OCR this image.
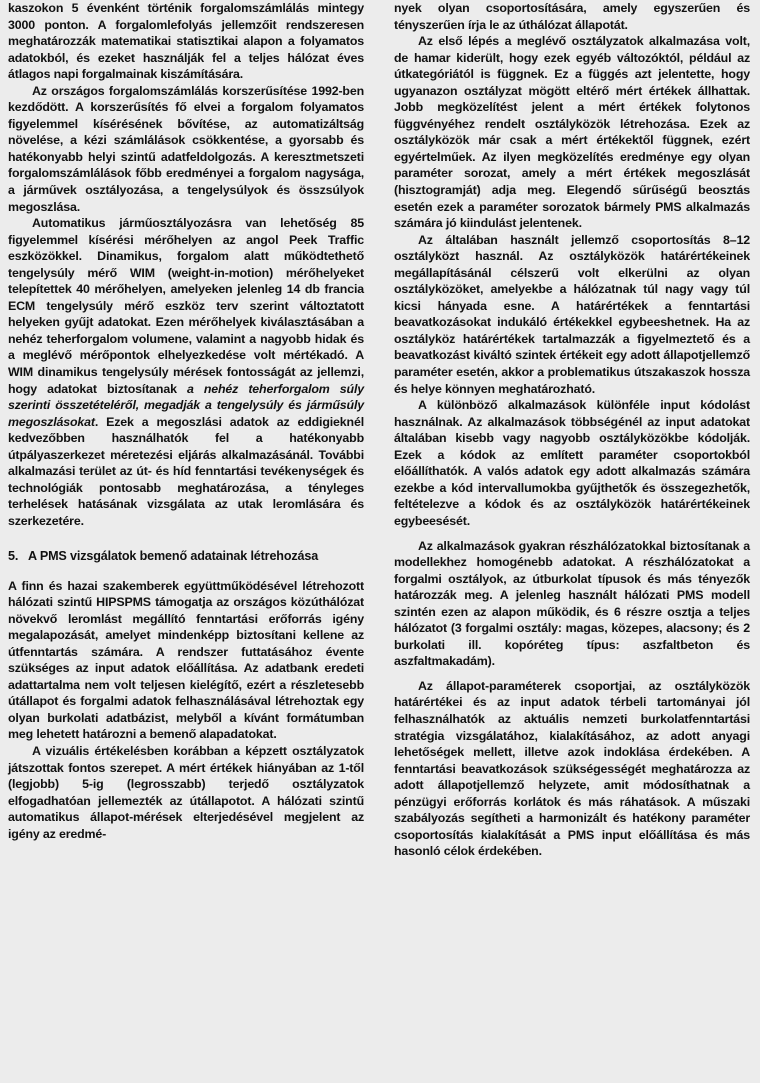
kaszokon 5 évenként történik forgalomszámlálás mintegy 3000 ponton. A forgalomlefolyás jellemzőit rendszeresen meghatározzák matematikai statisztikai alapon a folyamatos adatokból, és ezeket használják fel a teljes hálózat éves átlagos napi forgalmainak kiszámítására.

Az országos forgalomszámlálás korszerűsítése 1992-ben kezdődött. A korszerűsítés fő elvei a forgalom folyamatos figyelemmel kísérésének bővítése, az automatizáltság növelése, a kézi számlálások csökkentése, a gyorsabb és hatékonyabb helyi szintű adatfeldolgozás. A keresztmetszeti forgalomszámlálások főbb eredményei a forgalom nagysága, a járművek osztályozása, a tengelysúlyok és összsúlyok megoszlása.

Automatikus járműosztályozásra van lehetőség 85 figyelemmel kísérési mérőhelyen az angol Peek Traffic eszközökkel. Dinamikus, forgalom alatt működtethető tengelysúly mérő WIM (weight-in-motion) mérőhelyeket telepítettek 40 mérőhelyen, amelyeken jelenleg 14 db francia ECM tengelysúly mérő eszköz terv szerint változtatott helyeken gyűjt adatokat. Ezen mérőhelyek kiválasztásában a nehéz teherforgalom volumene, valamint a nagyobb hidak és a meglévő mérőpontok elhelyezkedése volt mértékadó. A WIM dinamikus tengelysúly mérések fontosságát az jellemzi, hogy adatokat biztosítanak a nehéz teherforgalom súly szerinti összetételéről, megadják a tengelysúly és járműsúly megoszlásokat. Ezek a megoszlási adatok az eddigieknél kedvezőbben használhatók fel a hatékonyabb útpályaszerkezet méretezési eljárás alkalmazásánál. További alkalmazási terület az út- és híd fenntartási tevékenységek és technológiák pontosabb meghatározása, a tényleges terhelések hatásának vizsgálata az utak leromlására és szerkezetére.

5. A PMS vizsgálatok bemenő adatainak létrehozása

A finn és hazai szakemberek együttműködésével létrehozott hálózati szintű HIPSPMS támogatja az országos közúthálózat növekvő leromlást megállító fenntartási erőforrás igény megalapozását, amelyet mindenképp biztosítani kellene az útfenntartás számára. A rendszer futtatásához évente szükséges az input adatok előállítása. Az adatbank eredeti adattartalma nem volt teljesen kielégítő, ezért a részletesebb útállapot és forgalmi adatok felhasználásával létrehoztak egy olyan burkolati adatbázist, melyből a kívánt formátumban meg lehetett határozni a bemenő alapadatokat.

A vizuális értékelésben korábban a képzett osztályzatok játszottak fontos szerepet. A mért értékek hiányában az 1-től (legjobb) 5-ig (legrosszabb) terjedő osztályzatok elfogadhatóan jellemezték az útállapotot. A hálózati szintű automatikus állapot-mérések elterjedésével megjelent az igény az eredmé-

nyek olyan csoportosítására, amely egyszerűen és tényszerűen írja le az úthálózat állapotát.

Az első lépés a meglévő osztályzatok alkalmazása volt, de hamar kiderült, hogy ezek egyéb változóktól, például az útkategóriától is függnek. Ez a függés azt jelentette, hogy ugyanazon osztályzat mögött eltérő mért értékek állhattak. Jobb megközelítést jelent a mért értékek folytonos függvényéhez rendelt osztályközök létrehozása. Ezek az osztályközök már csak a mért értékektől függnek, ezért egyértelműek. Az ilyen megközelítés eredménye egy olyan paraméter sorozat, amely a mért értékek megoszlását (hisztogramját) adja meg. Elegendő sűrűségű beosztás esetén ezek a paraméter sorozatok bármely PMS alkalmazás számára jó kiindulást jelentenek.

Az általában használt jellemző csoportosítás 8–12 osztályközt használ. Az osztályközök határértékeinek megállapításánál célszerű volt elkerülni az olyan osztályközöket, amelyekbe a hálózatnak túl nagy vagy túl kicsi hányada esne. A határértékek a fenntartási beavatkozásokat indukáló értékekkel egybeeshetnek. Ha az osztályköz határértékek tartalmazzák a figyelmeztető és a beavatkozást kiváltó szintek értékeit egy adott állapotjellemző paraméter esetén, akkor a problematikus útszakaszok hossza és helye könnyen meghatározható.

A különböző alkalmazások különféle input kódolást használnak. Az alkalmazások többségénél az input adatokat általában kisebb vagy nagyobb osztályközökbe kódolják. Ezek a kódok az említett paraméter csoportokból előállíthatók. A valós adatok egy adott alkalmazás számára ezekbe a kód intervallumokba gyűjthetők és összegezhetők, feltételezve a kódok és az osztályközök határértékeinek egybeesését.

Az alkalmazások gyakran részhálózatokkal biztosítanak a modellekhez homogénebb adatokat. A részhálózatokat a forgalmi osztályok, az útburkolat típusok és más tényezők határozzák meg. A jelenleg használt hálózati PMS modell szintén ezen az alapon működik, és 6 részre osztja a teljes hálózatot (3 forgalmi osztály: magas, közepes, alacsony; és 2 burkolati ill. kopóréteg típus: aszfaltbeton és aszfaltmakadám).

Az állapot-paraméterek csoportjai, az osztályközök határértékei és az input adatok térbeli tartományai jól felhasználhatók az aktuális nemzeti burkolatfenntartási stratégia vizsgálatához, kialakításához, az adott anyagi lehetőségek mellett, illetve azok indoklása érdekében. A fenntartási beavatkozások szükségességét meghatározza az adott állapotjellemző helyzete, amit módosíthatnak a pénzügyi erőforrás korlátok és más ráhatások. A műszaki szabályozás segítheti a harmonizált és hatékony paraméter csoportosítás kialakítását a PMS input előállítása és más hasonló célok érdekében.
